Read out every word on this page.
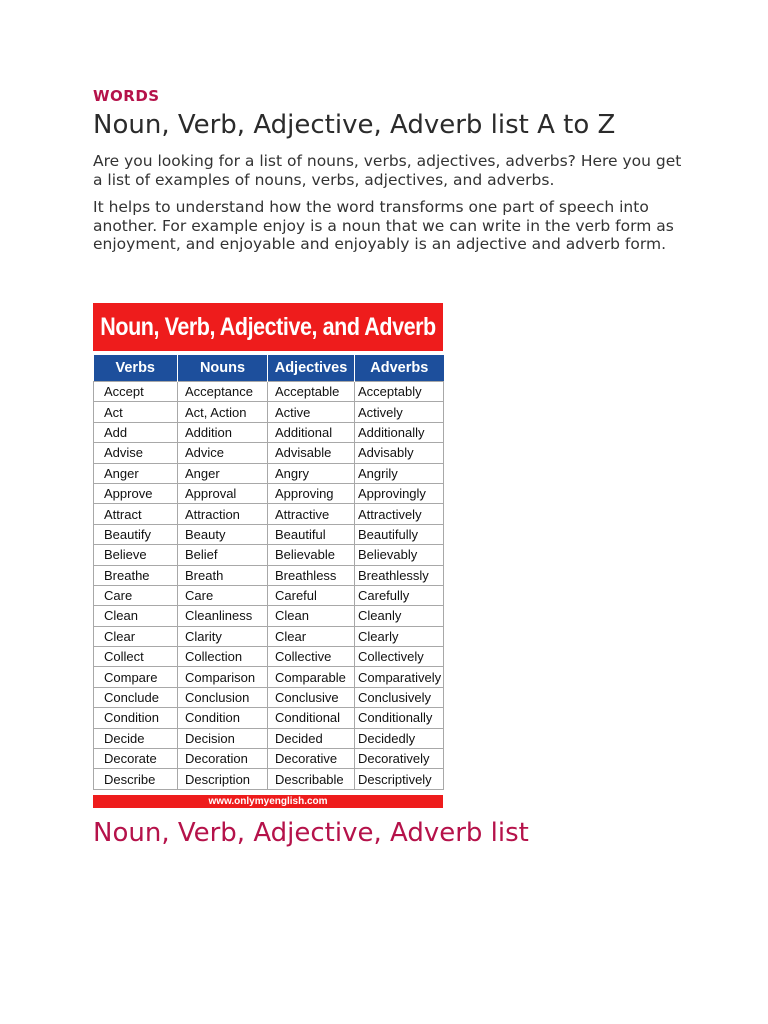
WORDS
Noun, Verb, Adjective, Adverb list A to Z

Are you looking for a list of nouns, verbs, adjectives, adverbs? Here you get a list of examples of nouns, verbs, adjectives, and adverbs.

It helps to understand how the word transforms one part of speech into another. For example enjoy is a noun that we can write in the verb form as enjoyment, and enjoyable and enjoyably is an adjective and adverb form.

Noun, Verb, Adjective, and Adverb
Verbs	Nouns	Adjectives	Adverbs
Accept	Acceptance	Acceptable	Acceptably
Act	Act, Action	Active	Actively
Add	Addition	Additional	Additionally
Advise	Advice	Advisable	Advisably
Anger	Anger	Angry	Angrily
Approve	Approval	Approving	Approvingly
Attract	Attraction	Attractive	Attractively
Beautify	Beauty	Beautiful	Beautifully
Believe	Belief	Believable	Believably
Breathe	Breath	Breathless	Breathlessly
Care	Care	Careful	Carefully
Clean	Cleanliness	Clean	Cleanly
Clear	Clarity	Clear	Clearly
Collect	Collection	Collective	Collectively
Compare	Comparison	Comparable	Comparatively
Conclude	Conclusion	Conclusive	Conclusively
Condition	Condition	Conditional	Conditionally
Decide	Decision	Decided	Decidedly
Decorate	Decoration	Decorative	Decoratively
Describe	Description	Describable	Descriptively
www.onlymyenglish.com
Noun, Verb, Adjective, Adverb list
